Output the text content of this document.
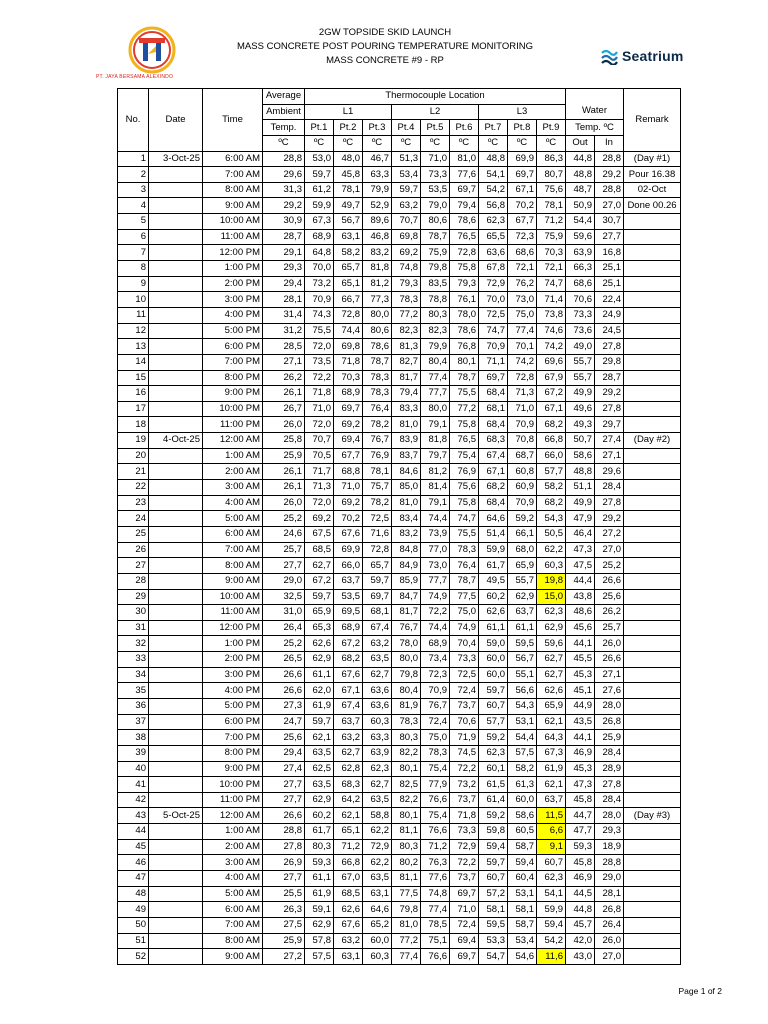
PT. JAYA BERSAMA ALEXINDO
2GW TOPSIDE SKID LAUNCH
MASS CONCRETE POST POURING TEMPERATURE MONITORING
MASS CONCRETE #9 - RP	Seatrium
No.	Date	Time	Average	Thermocouple Location									Water		Remark
			Ambient	L1			L2			L3					
			Temp.	Pt.1	Pt.2	Pt.3	Pt.4	Pt.5	Pt.6	Pt.7	Pt.8	Pt.9	Temp. ºC		
			ºC	ºC	ºC	ºC	ºC	ºC	ºC	ºC	ºC	ºC	Out	In	
1	3-Oct-25	6:00 AM	28,8	53,0	48,0	46,7	51,3	71,0	81,0	48,8	69,9	86,3	44,8	28,8	(Day #1)
2		7:00 AM	29,6	59,7	45,8	63,3	53,4	73,3	77,6	54,1	69,7	80,7	48,8	29,2	Pour 16.38
3		8:00 AM	31,3	61,2	78,1	79,9	59,7	53,5	69,7	54,2	67,1	75,6	48,7	28,8	02-Oct
4		9:00 AM	29,2	59,9	49,7	52,9	63,2	79,0	79,4	56,8	70,2	78,1	50,9	27,0	Done 00.26
5		10:00 AM	30,9	67,3	56,7	89,6	70,7	80,6	78,6	62,3	67,7	71,2	54,4	30,7	
6		11:00 AM	28,7	68,9	63,1	46,8	69,8	78,7	76,5	65,5	72,3	75,9	59,6	27,7	
7		12:00 PM	29,1	64,8	58,2	83,2	69,2	75,9	72,8	63,6	68,6	70,3	63,9	16,8	
8		1:00 PM	29,3	70,0	65,7	81,8	74,8	79,8	75,8	67,8	72,1	72,1	66,3	25,1	
9		2:00 PM	29,4	73,2	65,1	81,2	79,3	83,5	79,3	72,9	76,2	74,7	68,6	25,1	
10		3:00 PM	28,1	70,9	66,7	77,3	78,3	78,8	76,1	70,0	73,0	71,4	70,6	22,4	
11		4:00 PM	31,4	74,3	72,8	80,0	77,2	80,3	78,0	72,5	75,0	73,8	73,3	24,9	
12		5:00 PM	31,2	75,5	74,4	80,6	82,3	82,3	78,6	74,7	77,4	74,6	73,6	24,5	
13		6:00 PM	28,5	72,0	69,8	78,6	81,3	79,9	76,8	70,9	70,1	74,2	49,0	27,8	
14		7:00 PM	27,1	73,5	71,8	78,7	82,7	80,4	80,1	71,1	74,2	69,6	55,7	29,8	
15		8:00 PM	26,2	72,2	70,3	78,3	81,7	77,4	78,7	69,7	72,8	67,9	55,7	28,7	
16		9:00 PM	26,1	71,8	68,9	78,3	79,4	77,7	75,5	68,4	71,3	67,2	49,9	29,2	
17		10:00 PM	26,7	71,0	69,7	76,4	83,3	80,0	77,2	68,1	71,0	67,1	49,6	27,8	
18		11:00 PM	26,0	72,0	69,2	78,2	81,0	79,1	75,8	68,4	70,9	68,2	49,3	29,7	
19	4-Oct-25	12:00 AM	25,8	70,7	69,4	76,7	83,9	81,8	76,5	68,3	70,8	66,8	50,7	27,4	(Day #2)
20		1:00 AM	25,9	70,5	67,7	76,9	83,7	79,7	75,4	67,4	68,7	66,0	58,6	27,1	
21		2:00 AM	26,1	71,7	68,8	78,1	84,6	81,2	76,9	67,1	60,8	57,7	48,8	29,6	
22		3:00 AM	26,1	71,3	71,0	75,7	85,0	81,4	75,6	68,2	60,9	58,2	51,1	28,4	
23		4:00 AM	26,0	72,0	69,2	78,2	81,0	79,1	75,8	68,4	70,9	68,2	49,9	27,8	
24		5:00 AM	25,2	69,2	70,2	72,5	83,4	74,4	74,7	64,6	59,2	54,3	47,9	29,2	
25		6:00 AM	24,6	67,5	67,6	71,6	83,2	73,9	75,5	51,4	66,1	50,5	46,4	27,2	
26		7:00 AM	25,7	68,5	69,9	72,8	84,8	77,0	78,3	59,9	68,0	62,2	47,3	27,0	
27		8:00 AM	27,7	62,7	66,0	65,7	84,9	73,0	76,4	61,7	65,9	60,3	47,5	25,2	
28		9:00 AM	29,0	67,2	63,7	59,7	85,9	77,7	78,7	49,5	55,7	19,8	44,4	26,6	
29		10:00 AM	32,5	59,7	53,5	69,7	84,7	74,9	77,5	60,2	62,9	15,0	43,8	25,6	
30		11:00 AM	31,0	65,9	69,5	68,1	81,7	72,2	75,0	62,6	63,7	62,3	48,6	26,2	
31		12:00 PM	26,4	65,3	68,9	67,4	76,7	74,4	74,9	61,1	61,1	62,9	45,6	25,7	
32		1:00 PM	25,2	62,6	67,2	63,2	78,0	68,9	70,4	59,0	59,5	59,6	44,1	26,0	
33		2:00 PM	26,5	62,9	68,2	63,5	80,0	73,4	73,3	60,0	56,7	62,7	45,5	26,6	
34		3:00 PM	26,6	61,1	67,6	62,7	79,8	72,3	72,5	60,0	55,1	62,7	45,3	27,1	
35		4:00 PM	26,6	62,0	67,1	63,6	80,4	70,9	72,4	59,7	56,6	62,6	45,1	27,6	
36		5:00 PM	27,3	61,9	67,4	63,6	81,9	76,7	73,7	60,7	54,3	65,9	44,9	28,0	
37		6:00 PM	24,7	59,7	63,7	60,3	78,3	72,4	70,6	57,7	53,1	62,1	43,5	26,8	
38		7:00 PM	25,6	62,1	63,2	63,3	80,3	75,0	71,9	59,2	54,4	64,3	44,1	25,9	
39		8:00 PM	29,4	63,5	62,7	63,9	82,2	78,3	74,5	62,3	57,5	67,3	46,9	28,4	
40		9:00 PM	27,4	62,5	62,8	62,3	80,1	75,4	72,2	60,1	58,2	61,9	45,3	28,9	
41		10:00 PM	27,7	63,5	68,3	62,7	82,5	77,9	73,2	61,5	61,3	62,1	47,3	27,8	
42		11:00 PM	27,7	62,9	64,2	63,5	82,2	76,6	73,7	61,4	60,0	63,7	45,8	28,4	
43	5-Oct-25	12:00 AM	26,6	60,2	62,1	58,8	80,1	75,4	71,8	59,2	58,6	11,5	44,7	28,0	(Day #3)
44		1:00 AM	28,8	61,7	65,1	62,2	81,1	76,6	73,3	59,8	60,5	6,6	47,7	29,3	
45		2:00 AM	27,8	80,3	71,2	72,9	80,3	71,2	72,9	59,4	58,7	9,1	59,3	18,9	
46		3:00 AM	26,9	59,3	66,8	62,2	80,2	76,3	72,2	59,7	59,4	60,7	45,8	28,8	
47		4:00 AM	27,7	61,1	67,0	63,5	81,1	77,6	73,7	60,7	60,4	62,3	46,9	29,0	
48		5:00 AM	25,5	61,9	68,5	63,1	77,5	74,8	69,7	57,2	53,1	54,1	44,5	28,1	
49		6:00 AM	26,3	59,1	62,6	64,6	79,8	77,4	71,0	58,1	58,1	59,9	44,8	26,8	
50		7:00 AM	27,5	62,9	67,6	65,2	81,0	78,5	72,4	59,5	58,7	59,4	45,7	26,4	
51		8:00 AM	25,9	57,8	63,2	60,0	77,2	75,1	69,4	53,3	53,4	54,2	42,0	26,0	
52		9:00 AM	27,2	57,5	63,1	60,3	77,4	76,6	69,7	54,7	54,6	11,6	43,0	27,0	
Page 1 of 2
